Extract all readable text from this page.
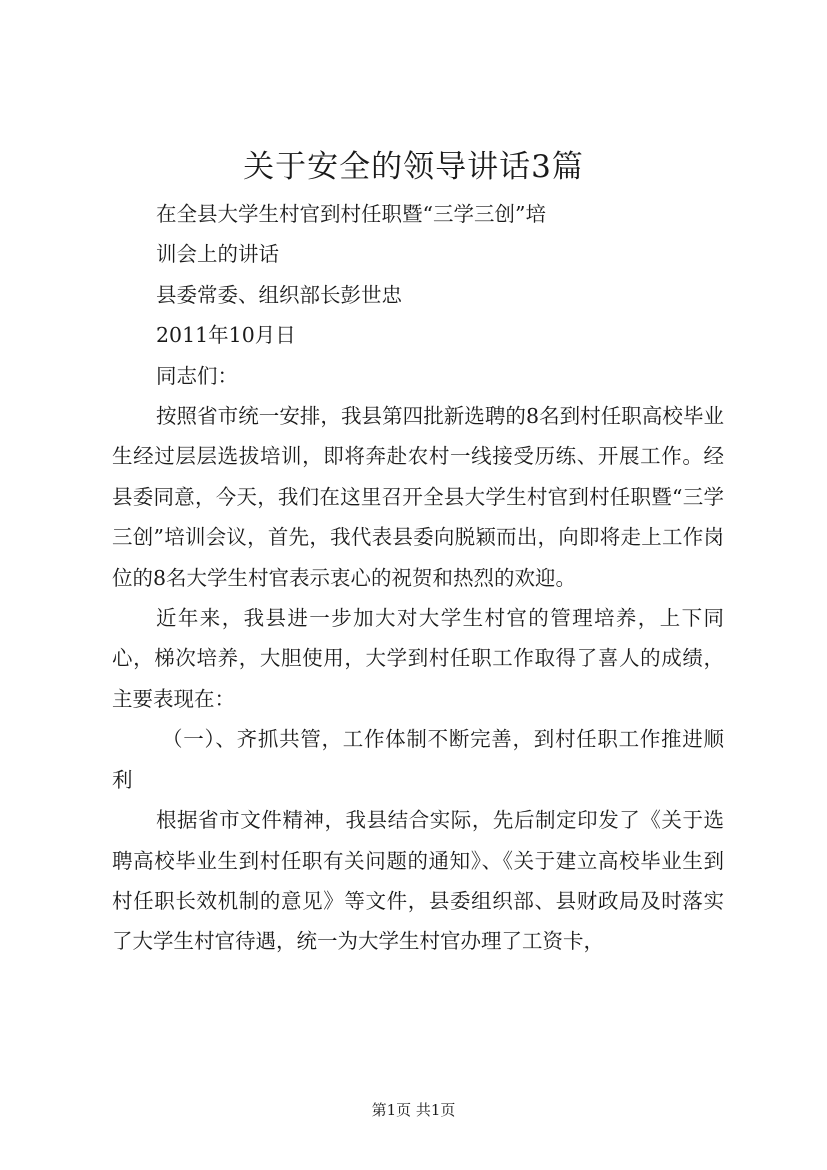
关于安全的领导讲话3篇

在全县大学生村官到村任职暨“三学三创”培

训会上的讲话

县委常委、组织部长彭世忠

2011年10月日

同志们：

按照省市统一安排，我县第四批新选聘的8名到村任职高校毕业生经过层层选拔培训，即将奔赴农村一线接受历练、开展工作。经县委同意，今天，我们在这里召开全县大学生村官到村任职暨“三学三创”培训会议，首先，我代表县委向脱颖而出，向即将走上工作岗位的8名大学生村官表示衷心的祝贺和热烈的欢迎。

近年来，我县进一步加大对大学生村官的管理培养，上下同心，梯次培养，大胆使用，大学到村任职工作取得了喜人的成绩，主要表现在：

（一）、齐抓共管，工作体制不断完善，到村任职工作推进顺利

根据省市文件精神，我县结合实际，先后制定印发了《关于选聘高校毕业生到村任职有关问题的通知》、《关于建立高校毕业生到村任职长效机制的意见》等文件，县委组织部、县财政局及时落实了大学生村官待遇，统一为大学生村官办理了工资卡，

第1页 共1页
